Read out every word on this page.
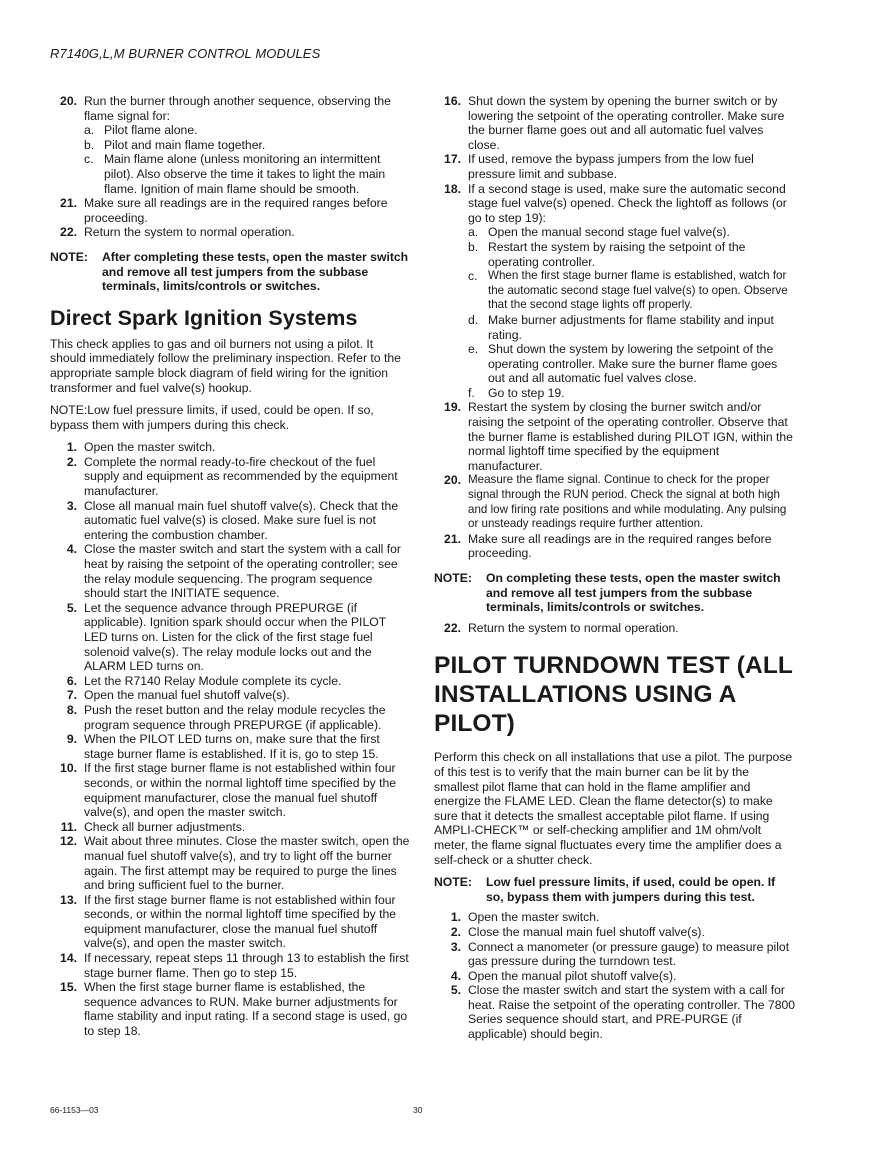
R7140G,L,M BURNER CONTROL MODULES
20. Run the burner through another sequence, observing the flame signal for:
a. Pilot flame alone.
b. Pilot and main flame together.
c. Main flame alone (unless monitoring an intermittent pilot). Also observe the time it takes to light the main flame. Ignition of main flame should be smooth.
21. Make sure all readings are in the required ranges before proceeding.
22. Return the system to normal operation.
NOTE:	After completing these tests, open the master switch and remove all test jumpers from the subbase terminals, limits/controls or switches.
Direct Spark Ignition Systems

This check applies to gas and oil burners not using a pilot. It should immediately follow the preliminary inspection. Refer to the appropriate sample block diagram of field wiring for the ignition transformer and fuel valve(s) hookup.

NOTE:Low fuel pressure limits, if used, could be open. If so, bypass them with jumpers during this check.

1. Open the master switch.
2. Complete the normal ready-to-fire checkout of the fuel supply and equipment as recommended by the equipment manufacturer.
3. Close all manual main fuel shutoff valve(s). Check that the automatic fuel valve(s) is closed. Make sure fuel is not entering the combustion chamber.
4. Close the master switch and start the system with a call for heat by raising the setpoint of the operating controller; see the relay module sequencing. The program sequence should start the INITIATE sequence.
5. Let the sequence advance through PREPURGE (if applicable). Ignition spark should occur when the PILOT LED turns on. Listen for the click of the first stage fuel solenoid valve(s). The relay module locks out and the ALARM LED turns on.
6. Let the R7140 Relay Module complete its cycle.
7. Open the manual fuel shutoff valve(s).
8. Push the reset button and the relay module recycles the program sequence through PREPURGE (if applicable).
9. When the PILOT LED turns on, make sure that the first stage burner flame is established. If it is, go to step 15.
10. If the first stage burner flame is not established within four seconds, or within the normal lightoff time specified by the equipment manufacturer, close the manual fuel shutoff valve(s), and open the master switch.
11. Check all burner adjustments.
12. Wait about three minutes. Close the master switch, open the manual fuel shutoff valve(s), and try to light off the burner again. The first attempt may be required to purge the lines and bring sufficient fuel to the burner.
13. If the first stage burner flame is not established within four seconds, or within the normal lightoff time specified by the equipment manufacturer, close the manual fuel shutoff valve(s), and open the master switch.
14. If necessary, repeat steps 11 through 13 to establish the first stage burner flame. Then go to step 15.
15. When the first stage burner flame is established, the sequence advances to RUN. Make burner adjustments for flame stability and input rating. If a second stage is used, go to step 18.
16. Shut down the system by opening the burner switch or by lowering the setpoint of the operating controller. Make sure the burner flame goes out and all automatic fuel valves close.
17. If used, remove the bypass jumpers from the low fuel pressure limit and subbase.
18. If a second stage is used, make sure the automatic second stage fuel valve(s) opened. Check the lightoff as follows (or go to step 19):
a. Open the manual second stage fuel valve(s).
b. Restart the system by raising the setpoint of the operating controller.
c. When the first stage burner flame is established, watch for the automatic second stage fuel valve(s) to open. Observe that the second stage lights off properly.
d. Make burner adjustments for flame stability and input rating.
e. Shut down the system by lowering the setpoint of the operating controller. Make sure the burner flame goes out and all automatic fuel valves close.
f.	Go to step 19.
19. Restart the system by closing the burner switch and/or raising the setpoint of the operating controller. Observe that the burner flame is established during PILOT IGN, within the normal lightoff time specified by the equipment manufacturer.
20. Measure the flame signal. Continue to check for the proper signal through the RUN period. Check the signal at both high and low firing rate positions and while modulating. Any pulsing or unsteady readings require further attention.
21. Make sure all readings are in the required ranges before proceeding.
NOTE:	On completing these tests, open the master switch and remove all test jumpers from the subbase terminals, limits/controls or switches.
22. Return the system to normal operation.
PILOT TURNDOWN TEST (ALL INSTALLATIONS USING A PILOT)

Perform this check on all installations that use a pilot. The purpose of this test is to verify that the main burner can be lit by the smallest pilot flame that can hold in the flame amplifier and energize the FLAME LED. Clean the flame detector(s) to make sure that it detects the smallest acceptable pilot flame. If using AMPLI-CHECK™ or self-checking amplifier and 1M ohm/volt meter, the flame signal fluctuates every time the amplifier does a self-check or a shutter check.

NOTE:	Low fuel pressure limits, if used, could be open. If so, bypass them with jumpers during this test.
1. Open the master switch.
2. Close the manual main fuel shutoff valve(s).
3. Connect a manometer (or pressure gauge) to measure pilot gas pressure during the turndown test.
4. Open the manual pilot shutoff valve(s).
5. Close the master switch and start the system with a call for heat. Raise the setpoint of the operating controller. The 7800 Series sequence should start, and PRE-PURGE (if applicable) should begin.
66-1153—03	30
